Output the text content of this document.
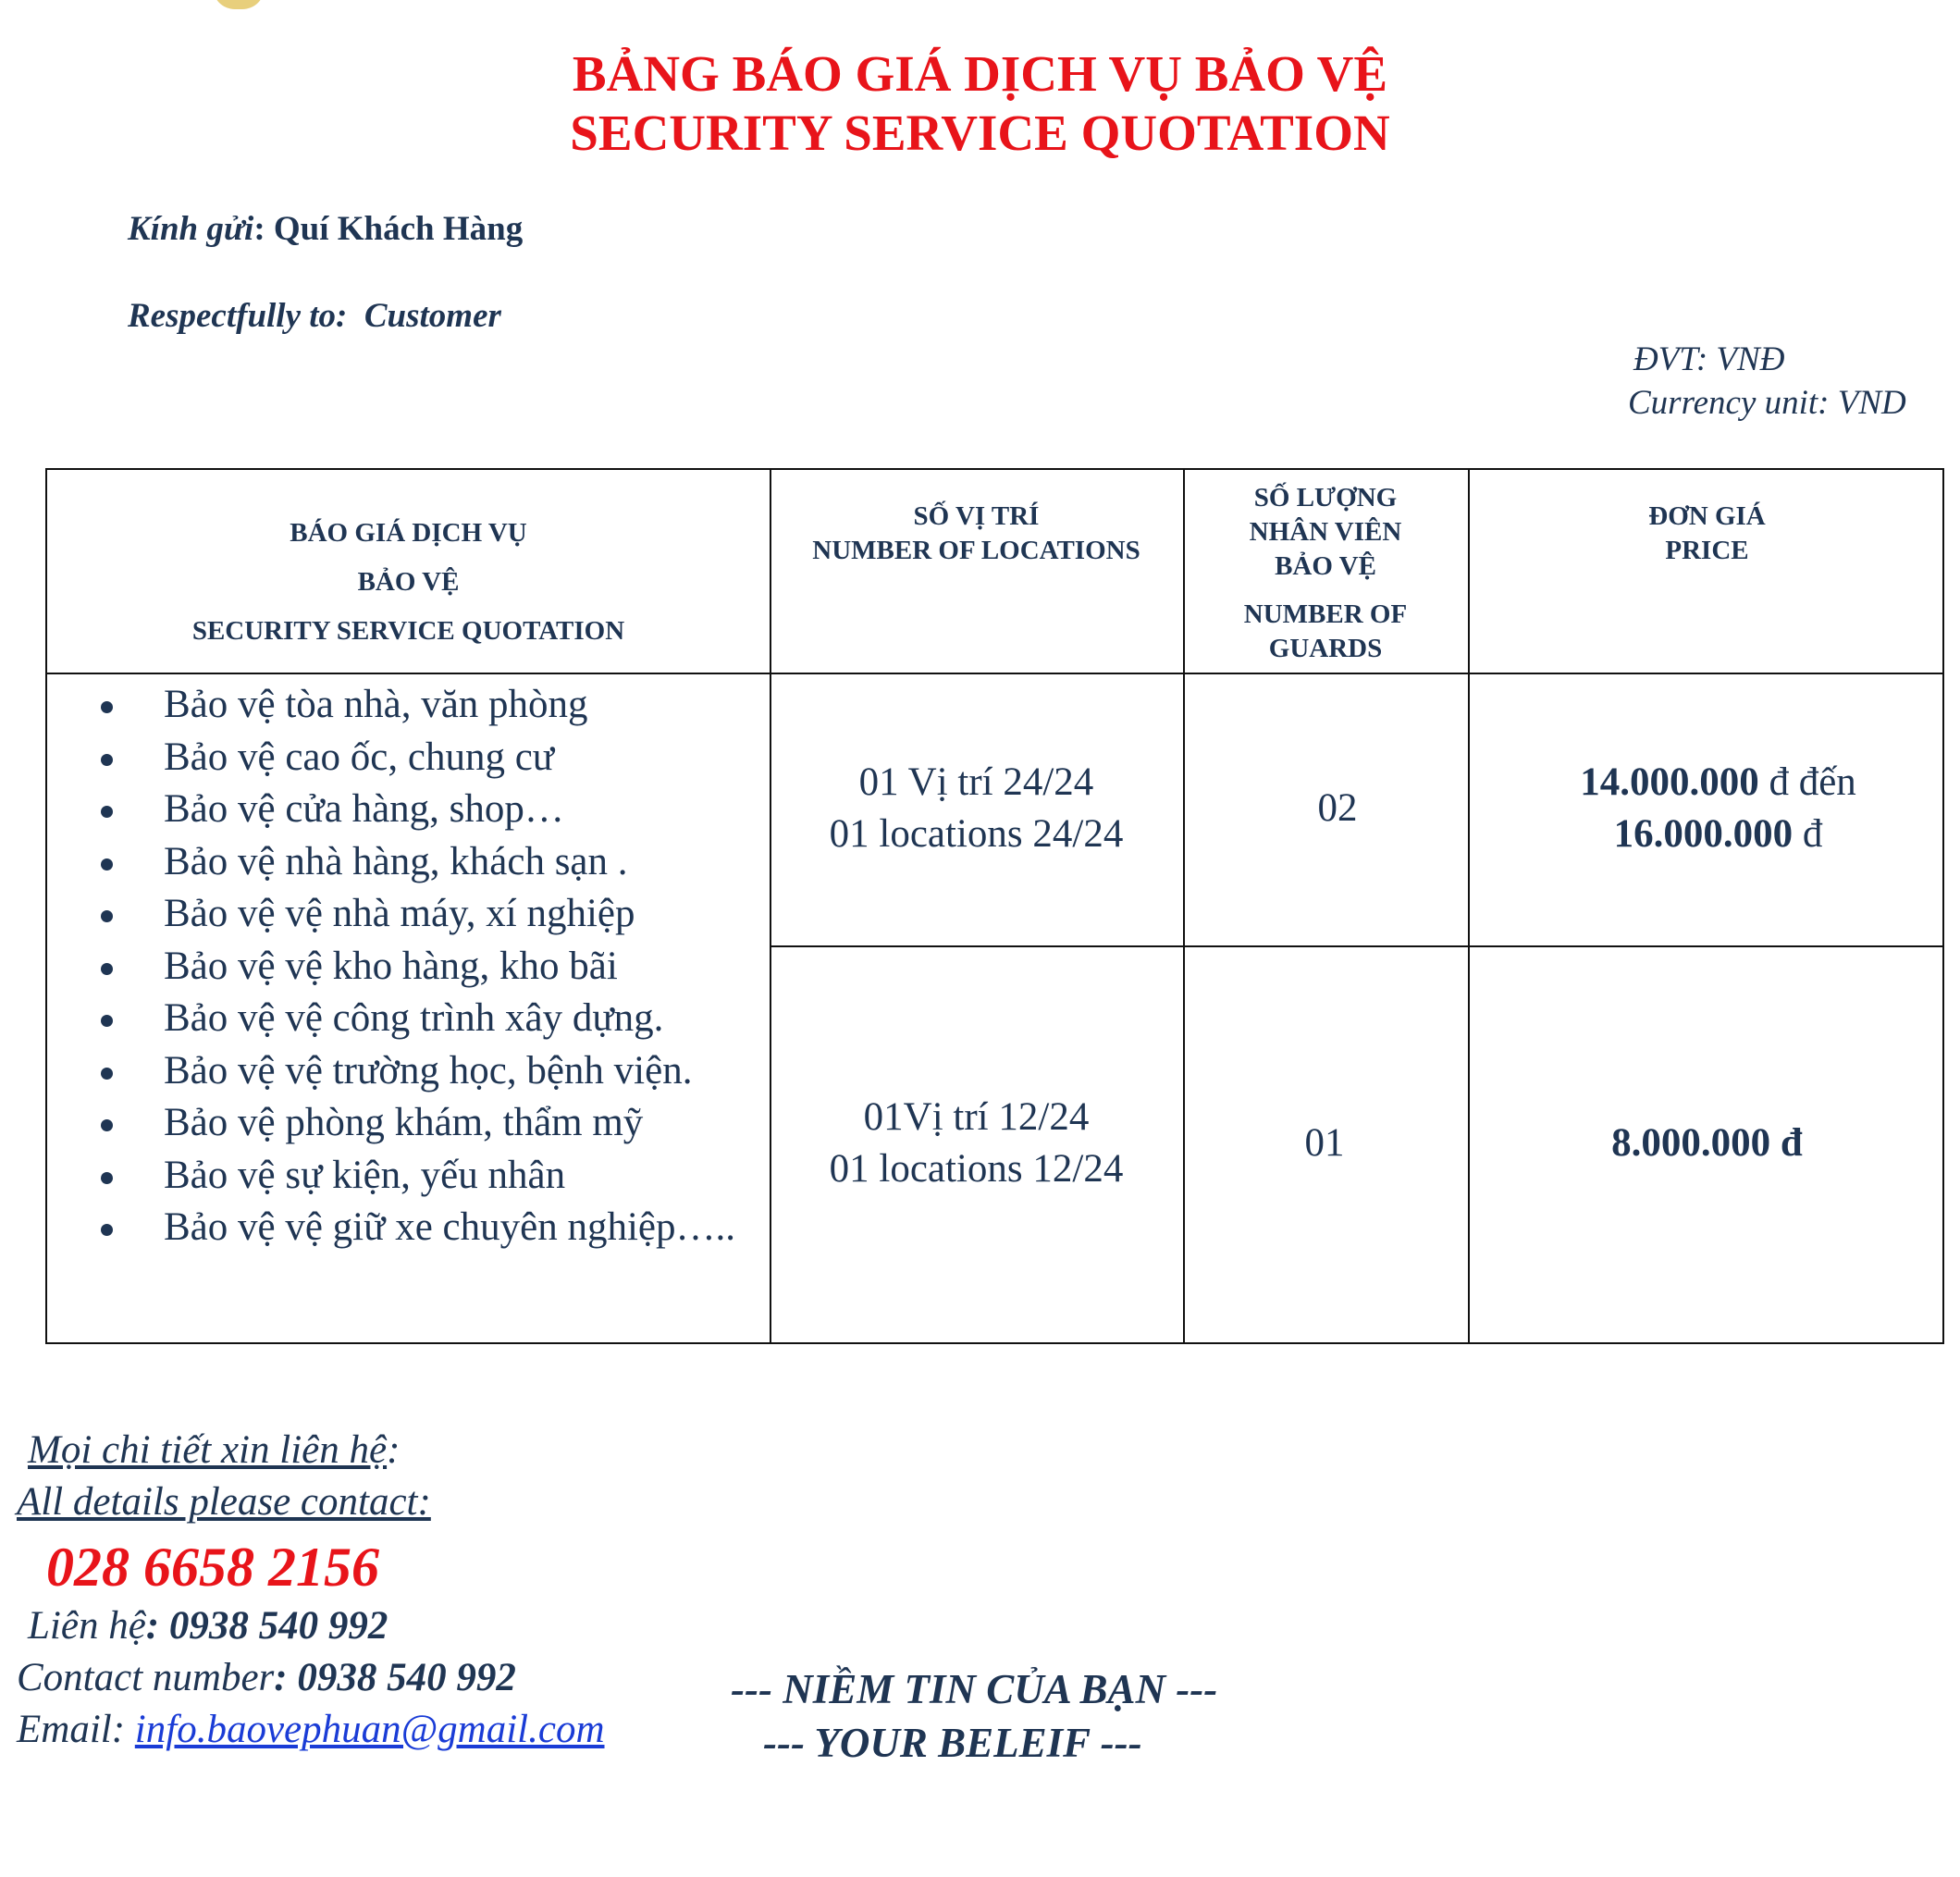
BẢNG BÁO GIÁ DỊCH VỤ BẢO VỆ
SECURITY SERVICE QUOTATION
Kính gửi: Quí Khách Hàng
Respectfully to: Customer
ĐVT: VNĐ
Currency unit: VND
BÁO GIÁ DỊCH VỤ
BẢO VỆ
SECURITY SERVICE QUOTATION
SỐ VỊ TRÍ
NUMBER OF LOCATIONS
SỐ LƯỢNG
NHÂN VIÊN
BẢO VỆ
NUMBER OF
GUARDS
ĐƠN GIÁ
PRICE
Bảo vệ tòa nhà, văn phòng
Bảo vệ cao ốc, chung cư
Bảo vệ cửa hàng, shop…
Bảo vệ nhà hàng, khách sạn .
Bảo vệ vệ nhà máy, xí nghiệp
Bảo vệ vệ kho hàng, kho bãi
Bảo vệ vệ công trình xây dựng.
Bảo vệ vệ trường học, bệnh viện.
Bảo vệ phòng khám, thẩm mỹ
Bảo vệ sự kiện, yếu nhân
Bảo vệ vệ giữ xe chuyên nghiệp…..
01 Vị trí 24/24
01 locations 24/24
02
14.000.000 đ đến
16.000.000 đ
01Vị trí 12/24
01 locations 12/24
01	8.000.000 đ
Mọi chi tiết xin liên hệ:
All details please contact:
028 6658 2156
Liên hệ: 0938 540 992
Contact number: 0938 540 992
Email: info.baovephuan@gmail.com
--- NIỀM TIN CỦA BẠN ---
--- YOUR BELEIF ---
